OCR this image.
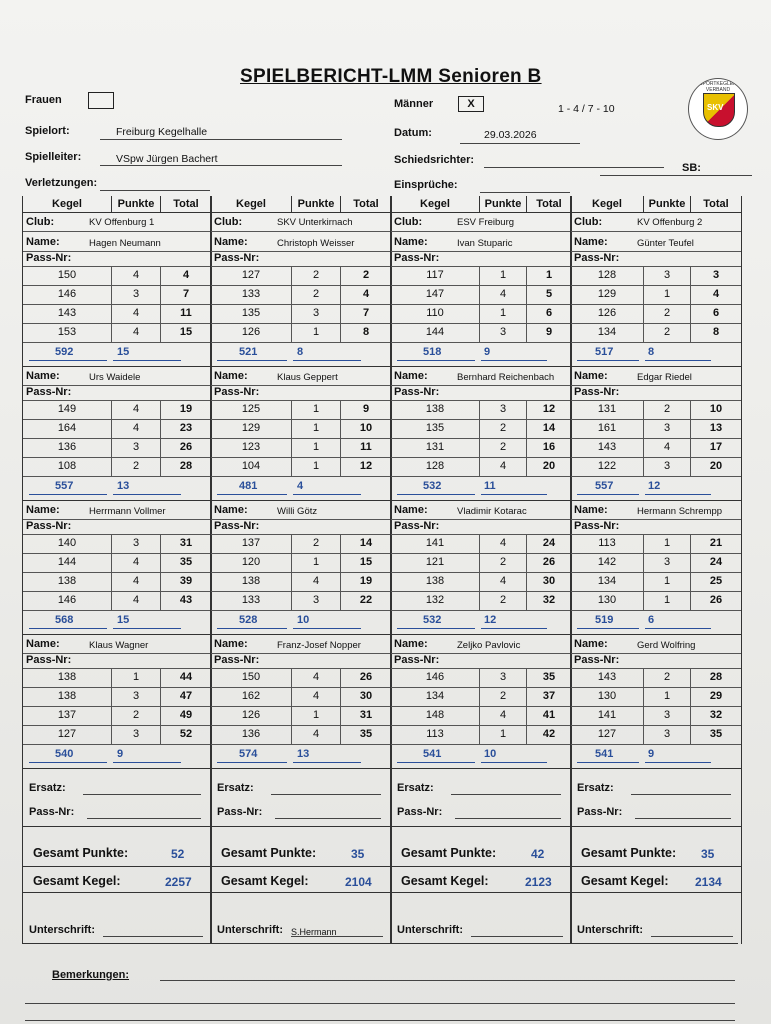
SPIELBERICHT-LMM Senioren B	SPORTKEGLER VERBAND
SKV
Frauen	Männer	X	1 - 4 / 7 - 10
Spielort:	Freiburg Kegelhalle	Datum:	29.03.2026
Spielleiter:	VSpw Jürgen Bachert	Schiedsrichter:
SB:
Verletzungen:	Einsprüche:
Kegel	Punkte	Total
Club:	KV Offenburg 1
Name:	Hagen Neumann
Pass-Nr:
150	4	4
146	3	7
143	4	11
153	4	15
592	15
Name:	Urs Waidele
Pass-Nr:
149	4	19
164	4	23
136	3	26
108	2	28
557	13
Name:	Herrmann Vollmer
Pass-Nr:
140	3	31
144	4	35
138	4	39
146	4	43
568	15
Name:	Klaus Wagner
Pass-Nr:
138	1	44
138	3	47
137	2	49
127	3	52
540	9
Ersatz:
Pass-Nr:
Gesamt Punkte:	52
Gesamt Kegel:	2257
Unterschrift:
Kegel	Punkte	Total
Club:	SKV Unterkirnach
Name:	Christoph Weisser
Pass-Nr:
127	2	2
133	2	4
135	3	7
126	1	8
521	8
Name:	Klaus Geppert
Pass-Nr:
125	1	9
129	1	10
123	1	11
104	1	12
481	4
Name:	Willi Götz
Pass-Nr:
137	2	14
120	1	15
138	4	19
133	3	22
528	10
Name:	Franz-Josef Nopper
Pass-Nr:
150	4	26
162	4	30
126	1	31
136	4	35
574	13
Ersatz:
Pass-Nr:
Gesamt Punkte:	35
Gesamt Kegel:	2104
Unterschrift: S.Hermann
Kegel	Punkte	Total
Club:	ESV Freiburg
Name:	Ivan Stuparic
Pass-Nr:
117	1	1
147	4	5
110	1	6
144	3	9
518	9
Name:	Bernhard Reichenbach
Pass-Nr:
138	3	12
135	2	14
131	2	16
128	4	20
532	11
Name:	Vladimir Kotarac
Pass-Nr:
141	4	24
121	2	26
138	4	30
132	2	32
532	12
Name:	Zeljko Pavlovic
Pass-Nr:
146	3	35
134	2	37
148	4	41
113	1	42
541	10
Ersatz:
Pass-Nr:
Gesamt Punkte:	42
Gesamt Kegel:	2123
Unterschrift:
Kegel	Punkte	Total
Club:	KV Offenburg 2
Name:	Günter Teufel
Pass-Nr:
128	3	3
129	1	4
126	2	6
134	2	8
517	8
Name:	Edgar Riedel
Pass-Nr:
131	2	10
161	3	13
143	4	17
122	3	20
557	12
Name:	Hermann Schrempp
Pass-Nr:
113	1	21
142	3	24
134	1	25
130	1	26
519	6
Name:	Gerd Wolfring
Pass-Nr:
143	2	28
130	1	29
141	3	32
127	3	35
541	9
Ersatz:
Pass-Nr:
Gesamt Punkte: 35
Gesamt Kegel: 2134
Unterschrift:
Bemerkungen:
